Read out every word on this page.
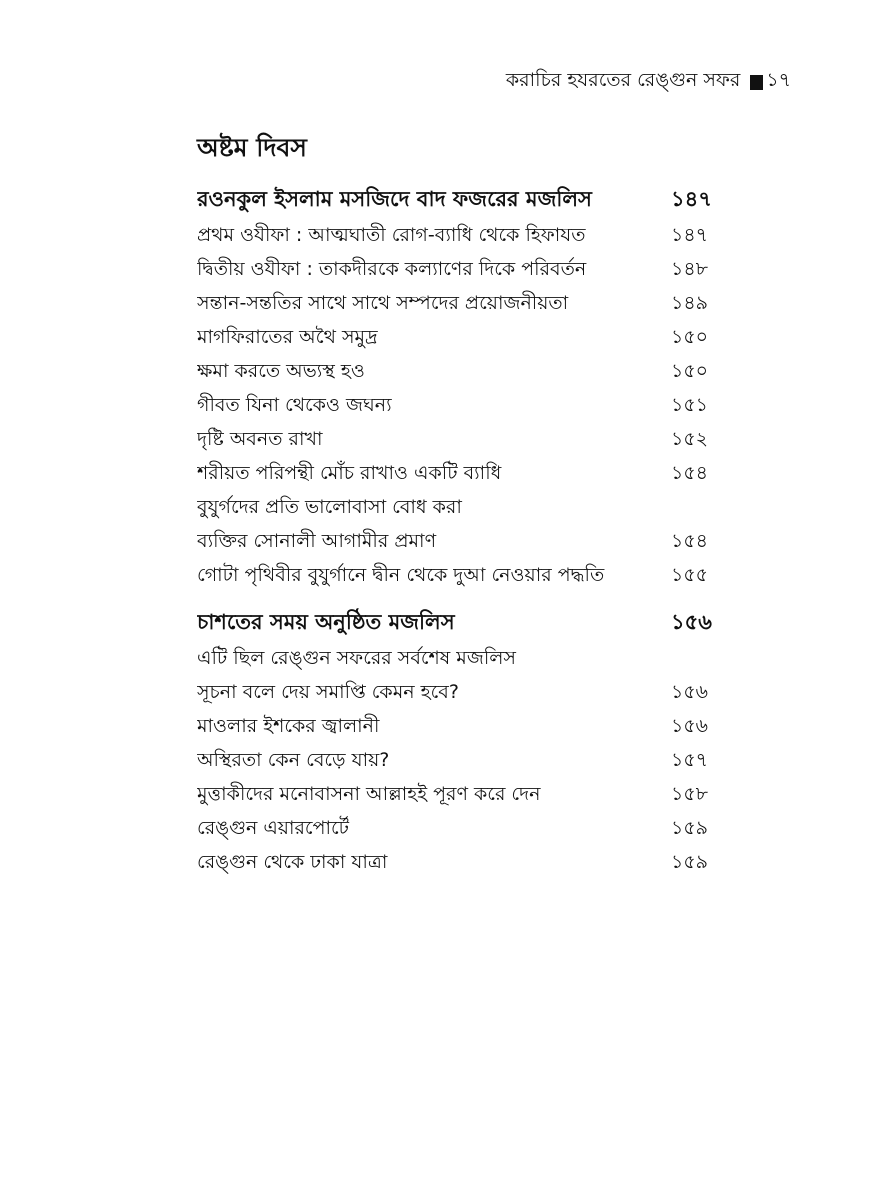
করাচির হযরতের রেঙ্গুন সফর ১৭
অষ্টম দিবস
রওনকুল ইসলাম মসজিদে বাদ ফজরের মজলিস	১৪৭
প্রথম ওযীফা : আত্মঘাতী রোগ-ব্যাধি থেকে হিফাযত	১৪৭
দ্বিতীয় ওযীফা : তাকদীরকে কল্যাণের দিকে পরিবর্তন	১৪৮
সন্তান-সন্ততির সাথে সাথে সম্পদের প্রয়োজনীয়তা	১৪৯
মাগফিরাতের অথৈ সমুদ্র	১৫০
ক্ষমা করতে অভ্যস্থ হও	১৫০
গীবত যিনা থেকেও জঘন্য	১৫১
দৃষ্টি অবনত রাখা	১৫২
শরীয়ত পরিপন্থী মোঁচ রাখাও একটি ব্যাধি	১৫৪
বুযুর্গদের প্রতি ভালোবাসা বোধ করা
ব্যক্তির সোনালী আগামীর প্রমাণ	১৫৪
গোটা পৃথিবীর বুযুর্গানে দ্বীন থেকে দুআ নেওয়ার পদ্ধতি	১৫৫
চাশতের সময় অনুষ্ঠিত মজলিস	১৫৬
এটি ছিল রেঙ্গুন সফরের সর্বশেষ মজলিস
সূচনা বলে দেয় সমাপ্তি কেমন হবে?	১৫৬
মাওলার ইশকের জ্বালানী	১৫৬
অস্থিরতা কেন বেড়ে যায়?	১৫৭
মুত্তাকীদের মনোবাসনা আল্লাহই পূরণ করে দেন	১৫৮
রেঙ্গুন এয়ারপোর্টে	১৫৯
রেঙ্গুন থেকে ঢাকা যাত্রা	১৫৯
